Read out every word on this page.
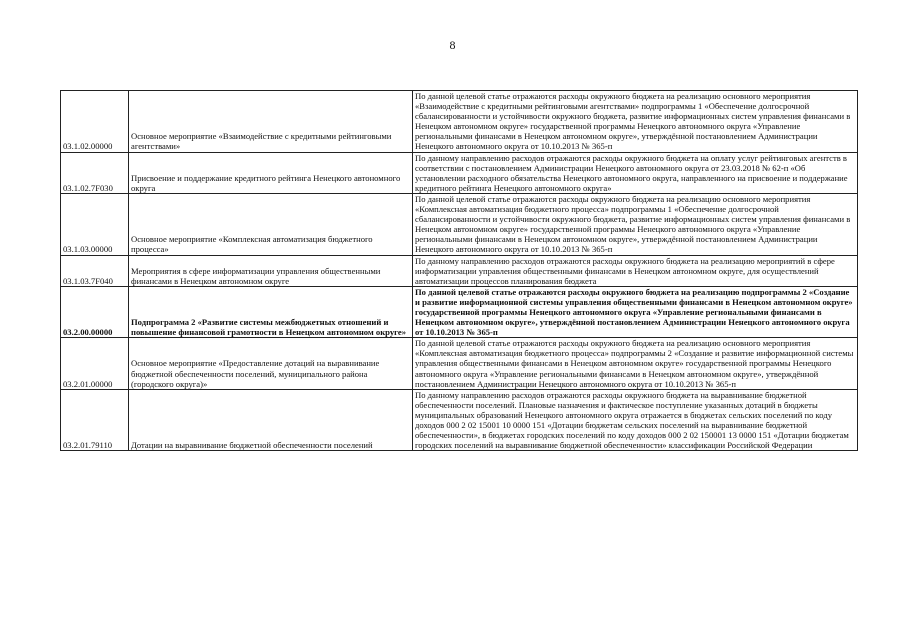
8
03.1.02.00000	Основное мероприятие «Взаимодействие с кредитными рейтинговыми агентствами»	По данной целевой статье отражаются расходы окружного бюджета на реализацию основного мероприятия «Взаимодействие с кредитными рейтинговыми агентствами» подпрограммы 1 «Обеспечение долгосрочной сбалансированности и устойчивости окружного бюджета, развитие информационных систем управления финансами в Ненецком автономном округе» государственной программы Ненецкого автономного округа «Управление региональными финансами в Ненецком автономном округе», утверждённой постановлением Администрации Ненецкого автономного округа от 10.10.2013 № 365-п
03.1.02.7F030	Присвоение и поддержание кредитного рейтинга Ненецкого автономного округа	По данному направлению расходов отражаются расходы окружного бюджета на оплату услуг рейтинговых агентств в соответствии с постановлением Администрации Ненецкого автономного округа от 23.03.2018 № 62-п «Об установлении расходного обязательства Ненецкого автономного округа, направленного на присвоение и поддержание кредитного рейтинга Ненецкого автономного округа»
03.1.03.00000	Основное мероприятие «Комплексная автоматизация бюджетного процесса»	По данной целевой статье отражаются расходы окружного бюджета на реализацию основного мероприятия «Комплексная автоматизация бюджетного процесса» подпрограммы 1 «Обеспечение долгосрочной сбалансированности и устойчивости окружного бюджета, развитие информационных систем управления финансами в Ненецком автономном округе» государственной программы Ненецкого автономного округа «Управление региональными финансами в Ненецком автономном округе», утверждённой постановлением Администрации Ненецкого автономного округа от 10.10.2013 № 365-п
03.1.03.7F040	Мероприятия в сфере информатизации управления общественными финансами в Ненецком автономном округе	По данному направлению расходов отражаются расходы окружного бюджета на реализацию мероприятий в сфере информатизации управления общественными финансами в Ненецком автономном округе, для осуществлений автоматизации процессов планирования бюджета
03.2.00.00000	Подпрограмма 2 «Развитие системы межбюджетных отношений и повышение финансовой грамотности в Ненецком автономном округе»	По данной целевой статье отражаются расходы окружного бюджета на реализацию подпрограммы 2 «Создание и развитие информационной системы управления общественными финансами в Ненецком автономном округе» государственной программы Ненецкого автономного округа «Управление региональными финансами в Ненецком автономном округе», утверждённой постановлением Администрации Ненецкого автономного округа от 10.10.2013 № 365-п
03.2.01.00000	Основное мероприятие «Предоставление дотаций на выравнивание бюджетной обеспеченности поселений, муниципального района (городского округа)»	По данной целевой статье отражаются расходы окружного бюджета на реализацию основного мероприятия «Комплексная автоматизация бюджетного процесса» подпрограммы 2 «Создание и развитие информационной системы управления общественными финансами в Ненецком автономном округе» государственной программы Ненецкого автономного округа «Управление региональными финансами в Ненецком автономном округе», утверждённой постановлением Администрации Ненецкого автономного округа от 10.10.2013 № 365-п
03.2.01.79110	Дотации на выравнивание бюджетной обеспеченности поселений	По данному направлению расходов отражаются расходы окружного бюджета на выравнивание бюджетной обеспеченности поселений. Плановые назначения и фактическое поступление указанных дотаций в бюджеты муниципальных образований Ненецкого автономного округа отражается в бюджетах сельских поселений по коду доходов 000 2 02 15001 10 0000 151 «Дотации бюджетам сельских поселений на выравнивание бюджетной обеспеченности», в бюджетах городских поселений по коду доходов 000 2 02 150001 13 0000 151 «Дотации бюджетам городских поселений на выравнивание бюджетной обеспеченности» классификации Российской Федерации
